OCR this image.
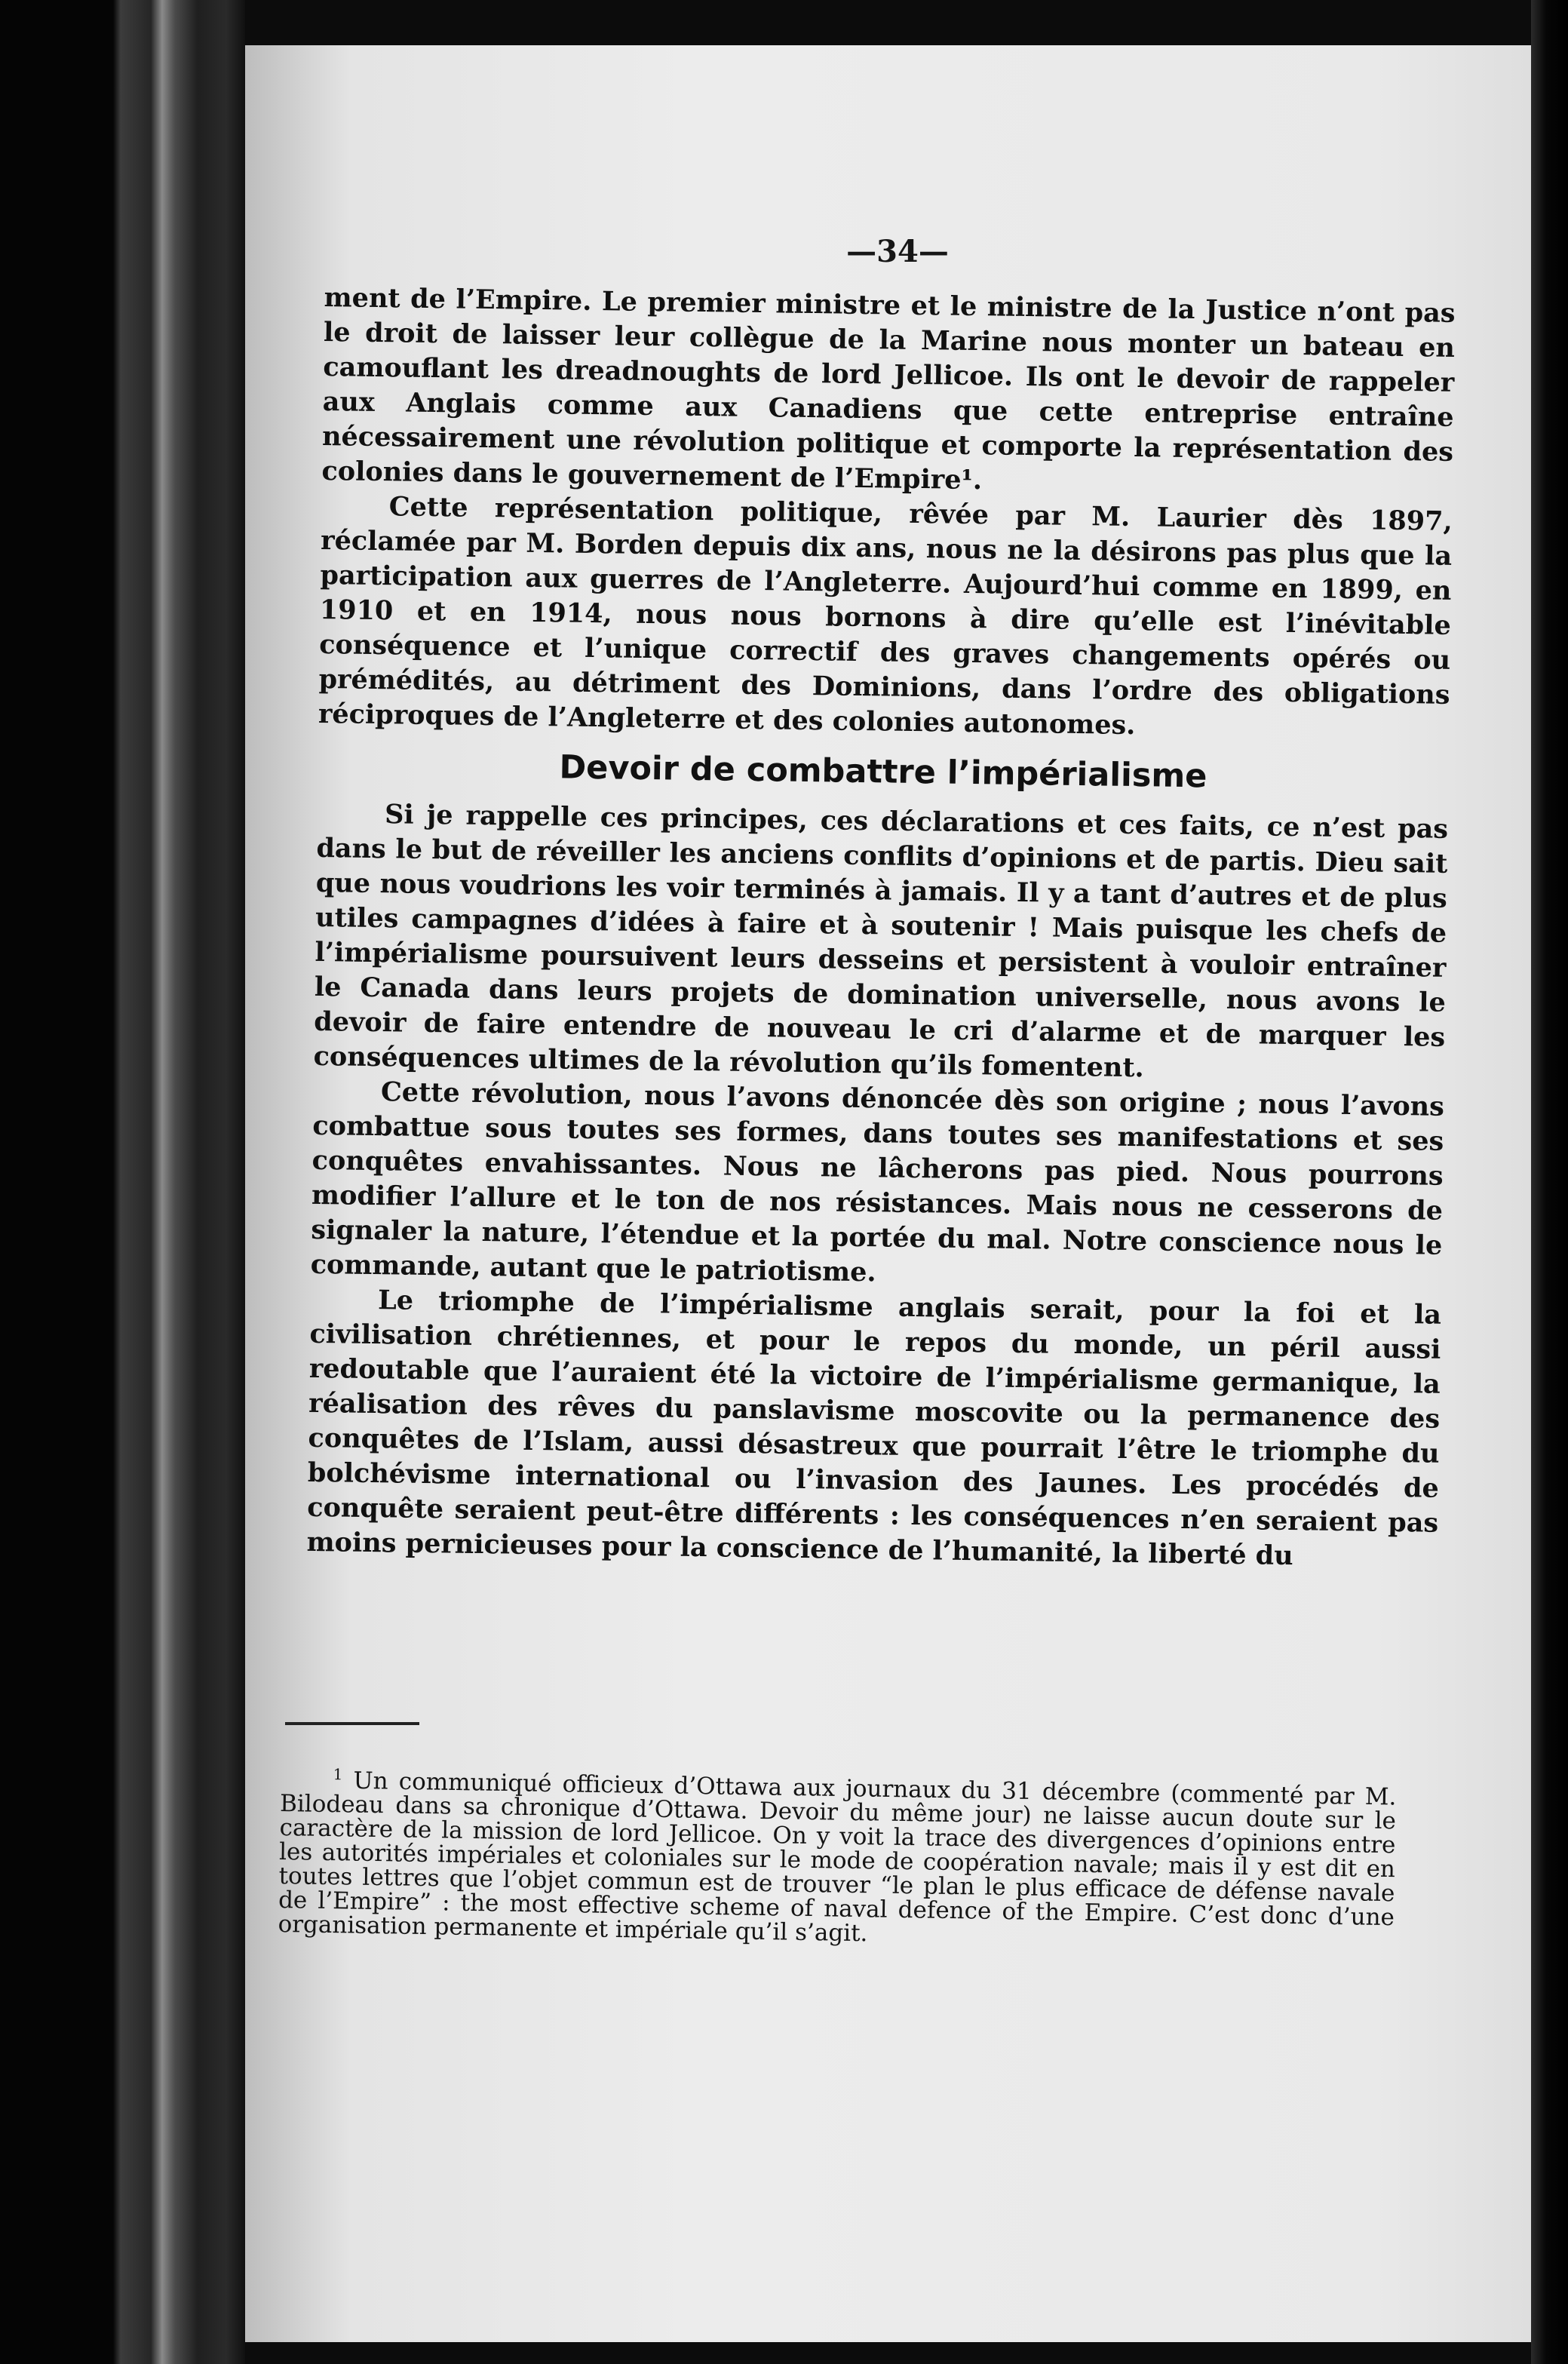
—34—

ment de l’Empire. Le premier ministre et le ministre de la Justice n’ont pas le droit de laisser leur collègue de la Marine nous monter un bateau en camouflant les dreadnoughts de lord Jellicoe. Ils ont le devoir de rappeler aux Anglais comme aux Canadiens que cette entreprise entraîne nécessairement une révolution politique et comporte la représentation des colonies dans le gouvernement de l’Empire¹.

Cette représentation politique, rêvée par M. Laurier dès 1897, réclamée par M. Borden depuis dix ans, nous ne la désirons pas plus que la participation aux guerres de l’Angleterre. Aujourd’hui comme en 1899, en 1910 et en 1914, nous nous bornons à dire qu’elle est l’inévitable conséquence et l’unique correctif des graves changements opérés ou prémédités, au détriment des Dominions, dans l’ordre des obligations réciproques de l’Angleterre et des colonies autonomes.

Devoir de combattre l’impérialisme

Si je rappelle ces principes, ces déclarations et ces faits, ce n’est pas dans le but de réveiller les anciens conflits d’opinions et de partis. Dieu sait que nous voudrions les voir terminés à jamais. Il y a tant d’autres et de plus utiles campagnes d’idées à faire et à soutenir ! Mais puisque les chefs de l’impérialisme poursuivent leurs desseins et persistent à vouloir entraîner le Canada dans leurs projets de domination universelle, nous avons le devoir de faire entendre de nouveau le cri d’alarme et de marquer les conséquences ultimes de la révolution qu’ils fomentent.

Cette révolution, nous l’avons dénoncée dès son origine ; nous l’avons combattue sous toutes ses formes, dans toutes ses manifestations et ses conquêtes envahissantes. Nous ne lâcherons pas pied. Nous pourrons modifier l’allure et le ton de nos résistances. Mais nous ne cesserons de signaler la nature, l’étendue et la portée du mal. Notre conscience nous le commande, autant que le patriotisme.

Le triomphe de l’impérialisme anglais serait, pour la foi et la civilisation chrétiennes, et pour le repos du monde, un péril aussi redoutable que l’auraient été la victoire de l’impérialisme germanique, la réalisation des rêves du panslavisme moscovite ou la permanence des conquêtes de l’Islam, aussi désastreux que pourrait l’être le triomphe du bolchévisme international ou l’invasion des Jaunes. Les procédés de conquête seraient peut-être différents : les conséquences n’en seraient pas moins pernicieuses pour la conscience de l’humanité, la liberté du

$^1$ Un communiqué officieux d’Ottawa aux journaux du 31 décembre (commenté par M. Bilodeau dans sa chronique d’Ottawa. Devoir du même jour) ne laisse aucun doute sur le caractère de la mission de lord Jellicoe. On y voit la trace des divergences d’opinions entre les autorités impériales et coloniales sur le mode de coopération navale; mais il y est dit en toutes lettres que l’objet commun est de trouver “le plan le plus efficace de défense navale de l’Empire” : the most effective scheme of naval defence of the Empire. C’est donc d’une organisation permanente et impériale qu’il s’agit.
